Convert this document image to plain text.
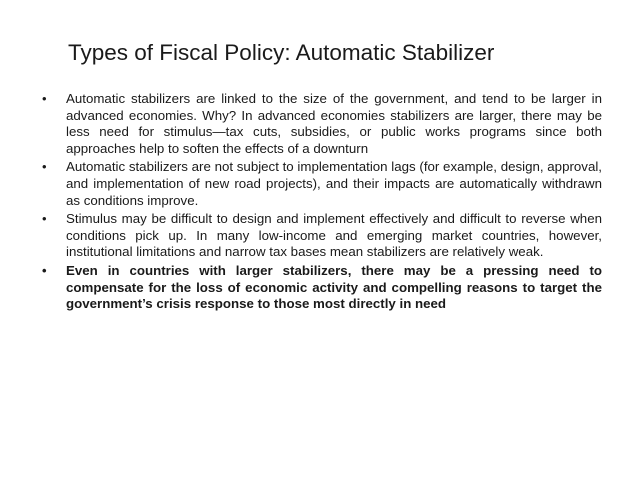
Types of Fiscal Policy: Automatic Stabilizer
• Automatic stabilizers are linked to the size of the government, and tend to be larger in advanced economies. Why? In advanced economies stabilizers are larger, there may be less need for stimulus—tax cuts, subsidies, or public works programs since both approaches help to soften the effects of a downturn
• Automatic stabilizers are not subject to implementation lags (for example, design, approval, and implementation of new road projects), and their impacts are automatically withdrawn as conditions improve.
• Stimulus may be difficult to design and implement effectively and difficult to reverse when conditions pick up. In many low-income and emerging market countries, however, institutional limitations and narrow tax bases mean stabilizers are relatively weak.
• Even in countries with larger stabilizers, there may be a pressing need to compensate for the loss of economic activity and compelling reasons to target the government’s crisis response to those most directly in need
